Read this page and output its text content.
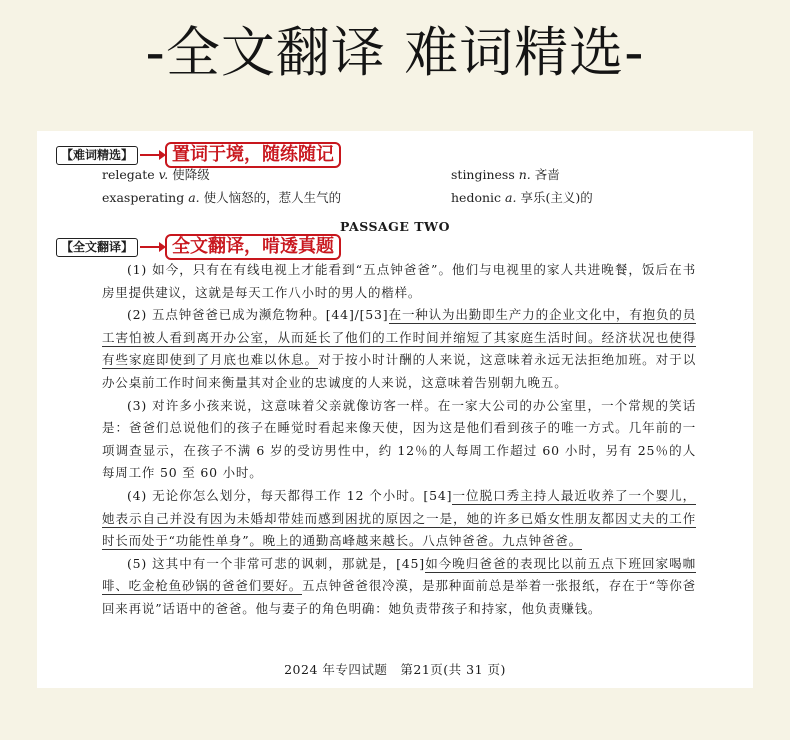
-全文翻译 难词精选-
【难词精选】	置词于境，随练随记
relegate v. 使降级	stinginess n. 吝啬
exasperating a. 使人恼怒的，惹人生气的	hedonic a. 享乐(主义)的
PASSAGE TWO
【全文翻译】	全文翻译，啃透真题

(1) 如今，只有在有线电视上才能看到“五点钟爸爸”。他们与电视里的家人共进晚餐，饭后在书房里提供建议，这就是每天工作八小时的男人的楷样。

(2) 五点钟爸爸已成为濒危物种。[44]/[53]在一种认为出勤即生产力的企业文化中，有抱负的员工害怕被人看到离开办公室，从而延长了他们的工作时间并缩短了其家庭生活时间。经济状况也使得有些家庭即使到了月底也难以休息。对于按小时计酬的人来说，这意味着永远无法拒绝加班。对于以办公桌前工作时间来衡量其对企业的忠诚度的人来说，这意味着告别朝九晚五。

(3) 对许多小孩来说，这意味着父亲就像访客一样。在一家大公司的办公室里，一个常规的笑话是：爸爸们总说他们的孩子在睡觉时看起来像天使，因为这是他们看到孩子的唯一方式。几年前的一项调查显示，在孩子不满 6 岁的受访男性中，约 12％的人每周工作超过 60 小时，另有 25％的人每周工作 50 至 60 小时。

(4) 无论你怎么划分，每天都得工作 12 个小时。[54]一位脱口秀主持人最近收养了一个婴儿，她表示自己并没有因为未婚却带娃而感到困扰的原因之一是，她的许多已婚女性朋友都因丈夫的工作时长而处于“功能性单身”。晚上的通勤高峰越来越长。八点钟爸爸。九点钟爸爸。

(5) 这其中有一个非常可悲的讽刺，那就是，[45]如今晚归爸爸的表现比以前五点下班回家喝咖啡、吃金枪鱼砂锅的爸爸们要好。五点钟爸爸很冷漠，是那种面前总是举着一张报纸，存在于“等你爸回来再说”话语中的爸爸。他与妻子的角色明确：她负责带孩子和持家，他负责赚钱。

2024 年专四试题　第21页(共 31 页)
